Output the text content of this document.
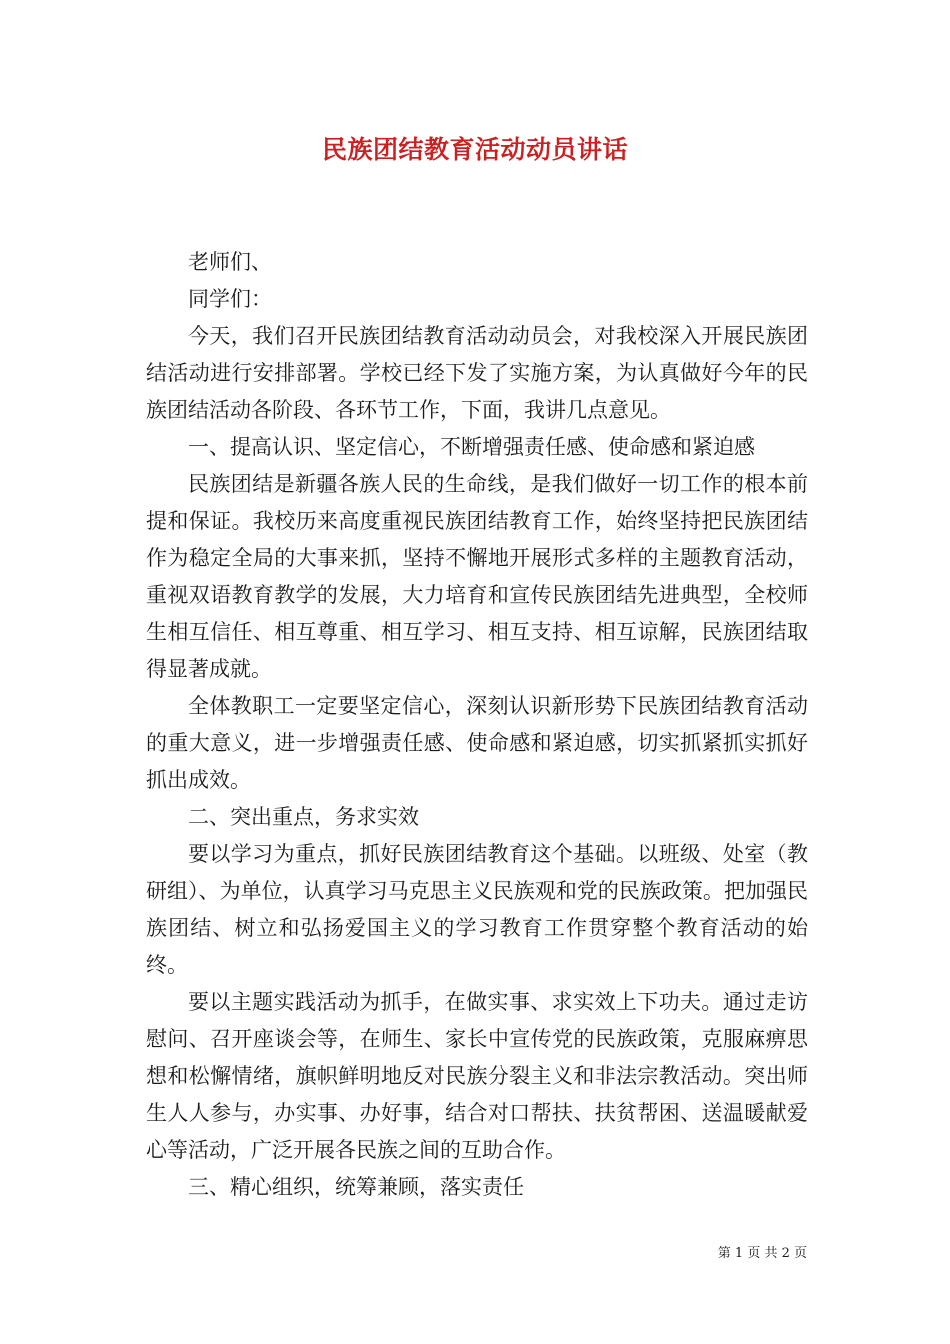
民族团结教育活动动员讲话

老师们、

同学们：

今天，我们召开民族团结教育活动动员会，对我校深入开展民族团结活动进行安排部署。学校已经下发了实施方案，为认真做好今年的民族团结活动各阶段、各环节工作，下面，我讲几点意见。

一、提高认识、坚定信心，不断增强责任感、使命感和紧迫感

民族团结是新疆各族人民的生命线，是我们做好一切工作的根本前提和保证。我校历来高度重视民族团结教育工作，始终坚持把民族团结作为稳定全局的大事来抓，坚持不懈地开展形式多样的主题教育活动，重视双语教育教学的发展，大力培育和宣传民族团结先进典型，全校师生相互信任、相互尊重、相互学习、相互支持、相互谅解，民族团结取得显著成就。

全体教职工一定要坚定信心，深刻认识新形势下民族团结教育活动的重大意义，进一步增强责任感、使命感和紧迫感，切实抓紧抓实抓好抓出成效。

二、突出重点，务求实效

要以学习为重点，抓好民族团结教育这个基础。以班级、处室（教研组）、为单位，认真学习马克思主义民族观和党的民族政策。把加强民族团结、树立和弘扬爱国主义的学习教育工作贯穿整个教育活动的始终。

要以主题实践活动为抓手，在做实事、求实效上下功夫。通过走访慰问、召开座谈会等，在师生、家长中宣传党的民族政策，克服麻痹思想和松懈情绪，旗帜鲜明地反对民族分裂主义和非法宗教活动。突出师生人人参与，办实事、办好事，结合对口帮扶、扶贫帮困、送温暖献爱心等活动，广泛开展各民族之间的互助合作。

三、精心组织，统筹兼顾，落实责任

第 1 页 共 2 页
